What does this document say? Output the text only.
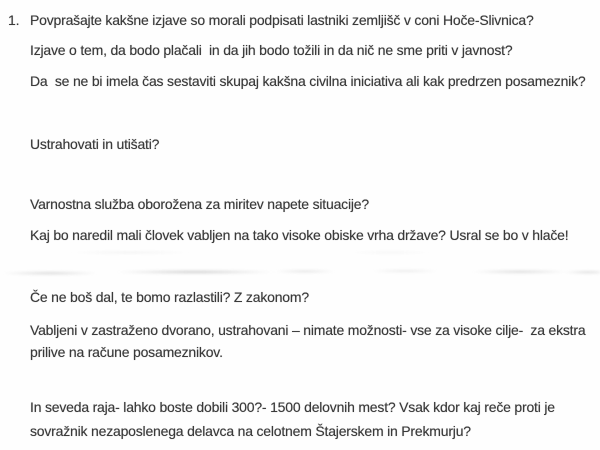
1. Povprašajte kakšne izjave so morali podpisati lastniki zemljišč v coni Hoče-Slivnica?
Izjave o tem, da bodo plačali  in da jih bodo tožili in da nič ne sme priti v javnost?
Da  se ne bi imela čas sestaviti skupaj kakšna civilna iniciativa ali kak predrzen posameznik?
Ustrahovati in utišati?
Varnostna služba oborožena za miritev napete situacije?
Kaj bo naredil mali človek vabljen na tako visoke obiske vrha države? Usral se bo v hlače!
Če ne boš dal, te bomo razlastili? Z zakonom?
Vabljeni v zastraženo dvorano, ustrahovani – nimate možnosti- vse za visoke cilje-  za ekstra
prilive na račune posameznikov.
In seveda raja- lahko boste dobili 300?- 1500 delovnih mest? Vsak kdor kaj reče proti je
sovražnik nezaposlenega delavca na celotnem Štajerskem in Prekmurju?
